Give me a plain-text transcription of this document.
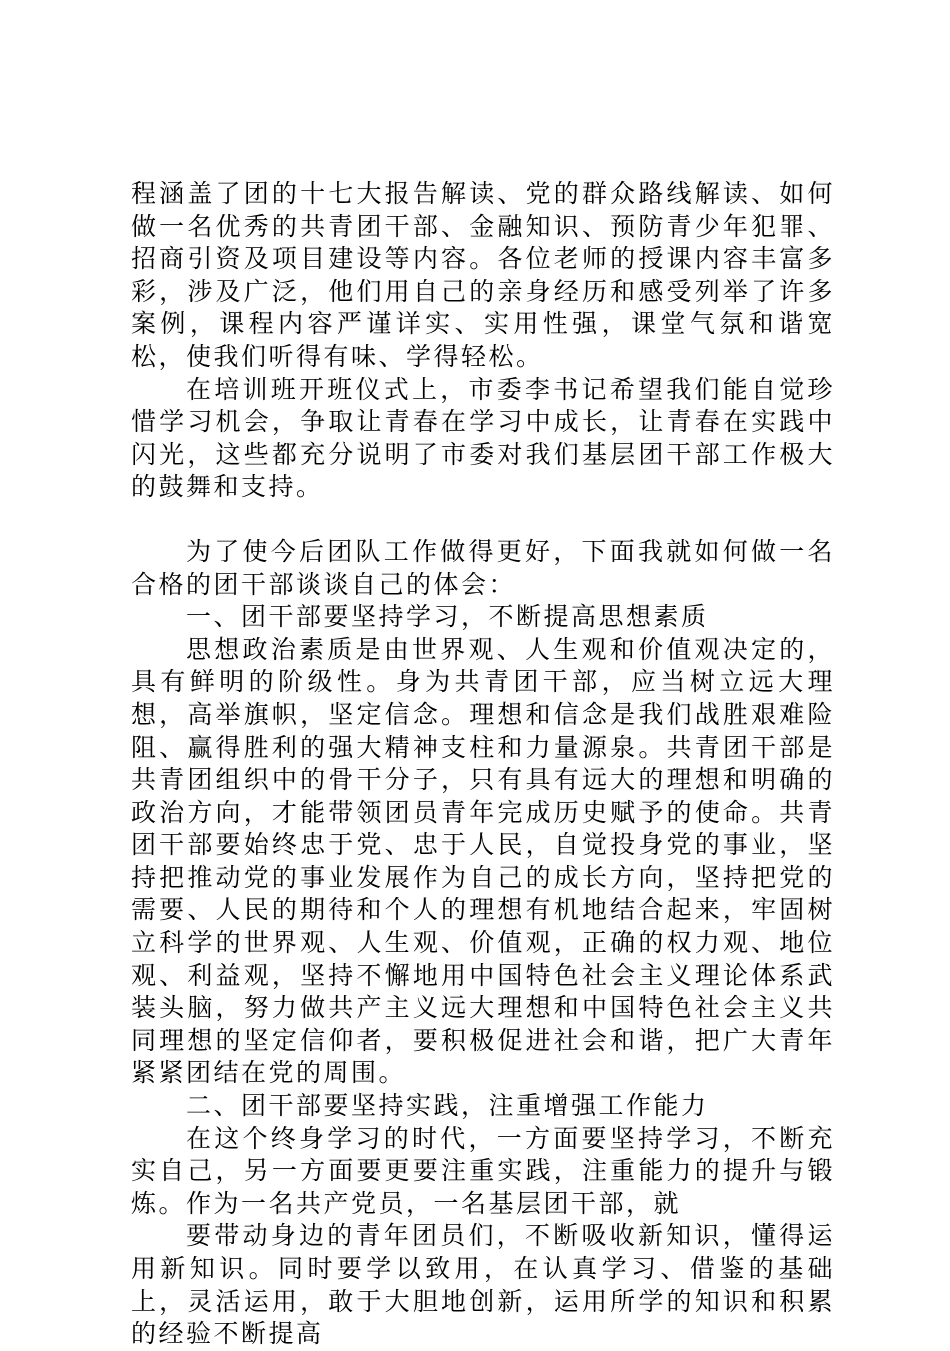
程涵盖了团的十七大报告解读、党的群众路线解读、如何做一名优秀的共青团干部、金融知识、预防青少年犯罪、招商引资及项目建设等内容。各位老师的授课内容丰富多彩，涉及广泛，他们用自己的亲身经历和感受列举了许多案例，课程内容严谨详实、实用性强，课堂气氛和谐宽松，使我们听得有味、学得轻松。

在培训班开班仪式上，市委李书记希望我们能自觉珍惜学习机会，争取让青春在学习中成长，让青春在实践中闪光，这些都充分说明了市委对我们基层团干部工作极大的鼓舞和支持。

为了使今后团队工作做得更好，下面我就如何做一名合格的团干部谈谈自己的体会：

一、团干部要坚持学习，不断提高思想素质

思想政治素质是由世界观、人生观和价值观决定的，具有鲜明的阶级性。身为共青团干部，应当树立远大理想，高举旗帜，坚定信念。理想和信念是我们战胜艰难险阻、赢得胜利的强大精神支柱和力量源泉。共青团干部是共青团组织中的骨干分子，只有具有远大的理想和明确的政治方向，才能带领团员青年完成历史赋予的使命。共青团干部要始终忠于党、忠于人民，自觉投身党的事业，坚持把推动党的事业发展作为自己的成长方向，坚持把党的需要、人民的期待和个人的理想有机地结合起来，牢固树立科学的世界观、人生观、价值观，正确的权力观、地位观、利益观，坚持不懈地用中国特色社会主义理论体系武装头脑，努力做共产主义远大理想和中国特色社会主义共同理想的坚定信仰者，要积极促进社会和谐，把广大青年紧紧团结在党的周围。

二、团干部要坚持实践，注重增强工作能力

在这个终身学习的时代，一方面要坚持学习，不断充实自己，另一方面要更要注重实践，注重能力的提升与锻炼。作为一名共产党员，一名基层团干部，就

要带动身边的青年团员们，不断吸收新知识，懂得运用新知识。同时要学以致用，在认真学习、借鉴的基础上，灵活运用，敢于大胆地创新，运用所学的知识和积累的经验不断提高
